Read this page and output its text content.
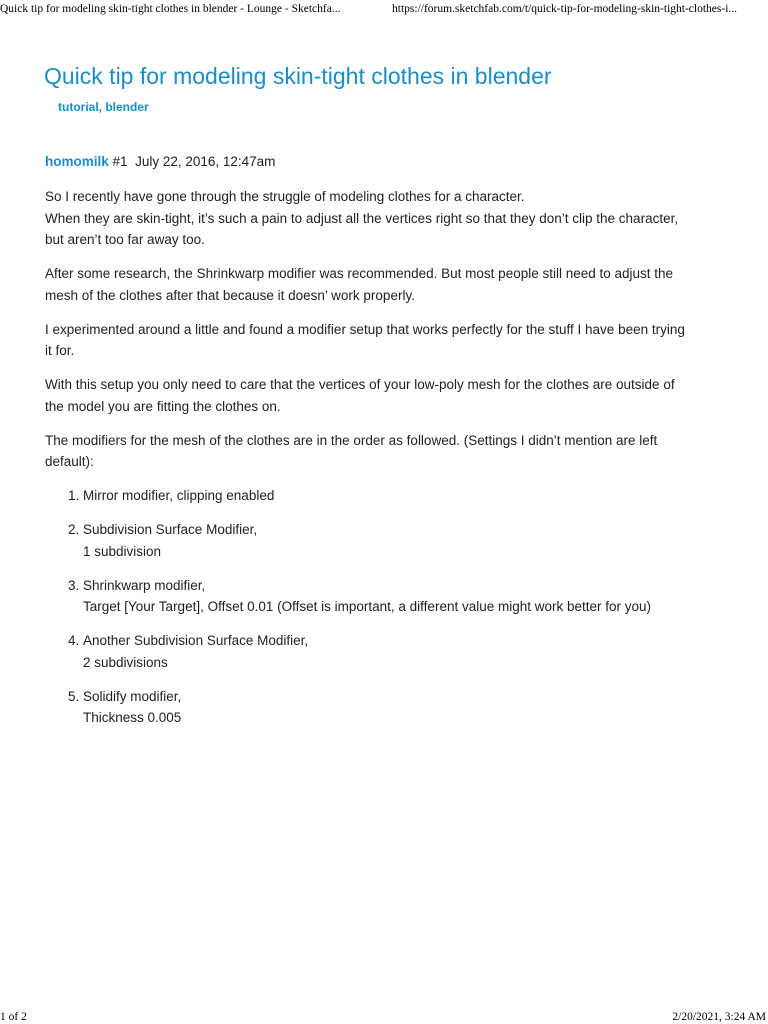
Quick tip for modeling skin-tight clothes in blender - Lounge - Sketchfa...	https://forum.sketchfab.com/t/quick-tip-for-modeling-skin-tight-clothes-i...
Quick tip for modeling skin-tight clothes in blender
tutorial, blender
homomilk #1 July 22, 2016, 12:47am

So I recently have gone through the struggle of modeling clothes for a character.
When they are skin-tight, it’s such a pain to adjust all the vertices right so that they don’t clip the character, but aren’t too far away too.

After some research, the Shrinkwarp modifier was recommended. But most people still need to adjust the mesh of the clothes after that because it doesn’ work properly.

I experimented around a little and found a modifier setup that works perfectly for the stuff I have been trying it for.

With this setup you only need to care that the vertices of your low-poly mesh for the clothes are outside of the model you are fitting the clothes on.

The modifiers for the mesh of the clothes are in the order as followed. (Settings I didn’t mention are left default):

1. Mirror modifier, clipping enabled
2. Subdivision Surface Modifier,
1 subdivision
3. Shrinkwarp modifier,
Target [Your Target], Offset 0.01 (Offset is important, a different value might work better for you)
4. Another Subdivision Surface Modifier,
2 subdivisions
5. Solidify modifier,
Thickness 0.005
1 of 2	2/20/2021, 3:24 AM
